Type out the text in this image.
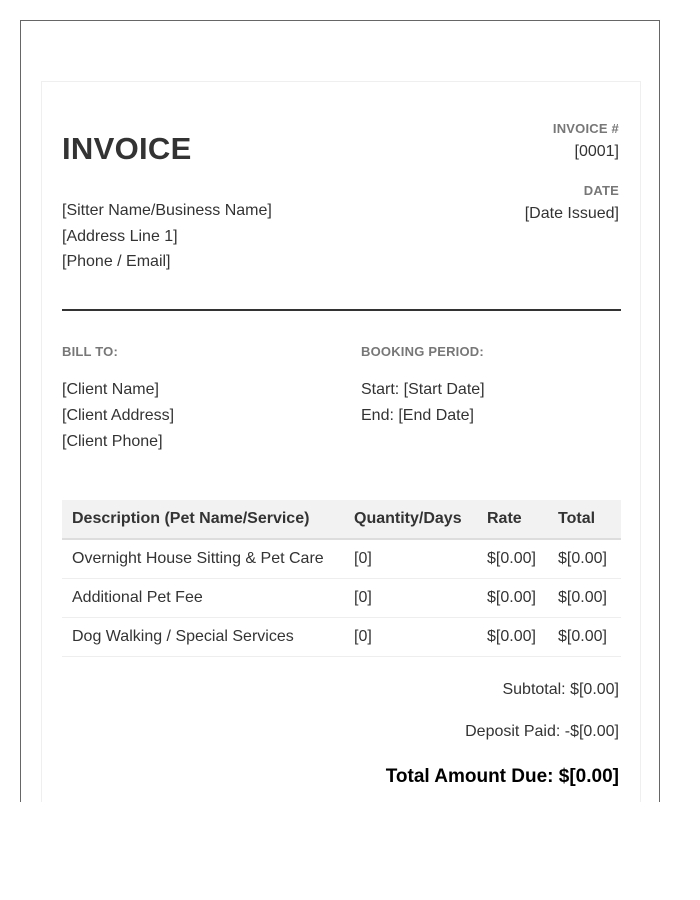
INVOICE
[Sitter Name/Business Name]
[Address Line 1]
[Phone / Email]
INVOICE #
[0001]
DATE
[Date Issued]
BILL TO:
[Client Name]
[Client Address]
[Client Phone]
BOOKING PERIOD:
Start: [Start Date]
End: [End Date]
Description (Pet Name/Service)	Quantity/Days	Rate	Total
Overnight House Sitting & Pet Care	[0]	$[0.00]	$[0.00]
Additional Pet Fee	[0]	$[0.00]	$[0.00]
Dog Walking / Special Services	[0]	$[0.00]	$[0.00]
Subtotal: $[0.00]
Deposit Paid: -$[0.00]
Total Amount Due: $[0.00]
